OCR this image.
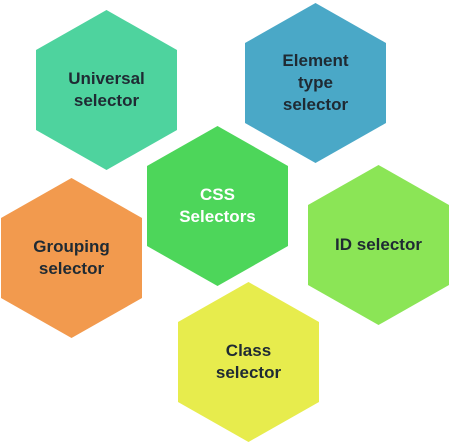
Universal
selector
Element
type
selector
Grouping
selector
ID selector
Class
selector
CSS
Selectors
